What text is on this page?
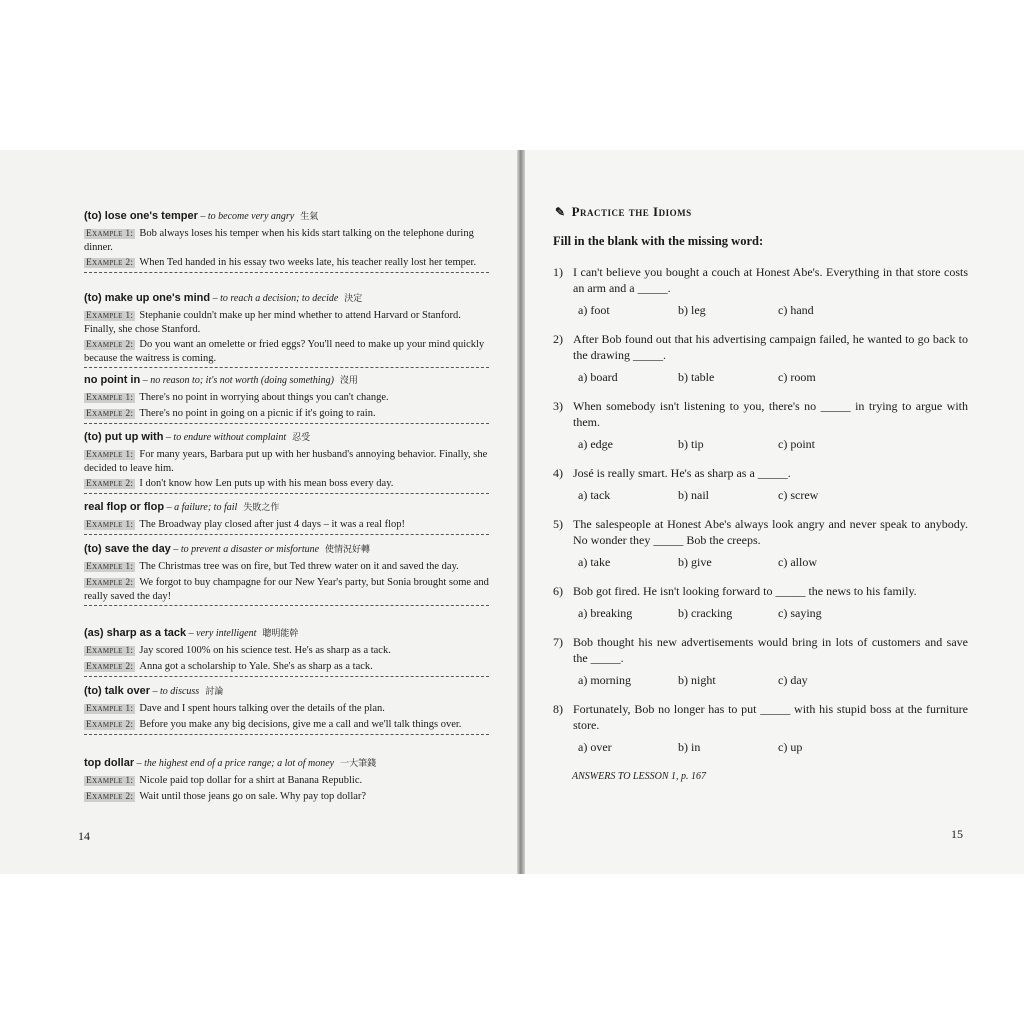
(to) lose one's temper – to become very angry 生氣
Example 1: Bob always loses his temper when his kids start talking on the telephone during dinner.
Example 2: When Ted handed in his essay two weeks late, his teacher really lost her temper.
(to) make up one's mind – to reach a decision; to decide 決定
Example 1: Stephanie couldn't make up her mind whether to attend Harvard or Stanford. Finally, she chose Stanford.
Example 2: Do you want an omelette or fried eggs? You'll need to make up your mind quickly because the waitress is coming.
no point in – no reason to; it's not worth (doing something) 沒用
Example 1: There's no point in worrying about things you can't change.
Example 2: There's no point in going on a picnic if it's going to rain.
(to) put up with – to endure without complaint 忍受
Example 1: For many years, Barbara put up with her husband's annoying behavior. Finally, she decided to leave him.
Example 2: I don't know how Len puts up with his mean boss every day.
real flop or flop – a failure; to fail 失敗之作
Example 1: The Broadway play closed after just 4 days – it was a real flop!
(to) save the day – to prevent a disaster or misfortune 使情況好轉
Example 1: The Christmas tree was on fire, but Ted threw water on it and saved the day.
Example 2: We forgot to buy champagne for our New Year's party, but Sonia brought some and really saved the day!
(as) sharp as a tack – very intelligent 聰明能幹
Example 1: Jay scored 100% on his science test. He's as sharp as a tack.
Example 2: Anna got a scholarship to Yale. She's as sharp as a tack.
(to) talk over – to discuss 討論
Example 1: Dave and I spent hours talking over the details of the plan.
Example 2: Before you make any big decisions, give me a call and we'll talk things over.
top dollar – the highest end of a price range; a lot of money 一大筆錢
Example 1: Nicole paid top dollar for a shirt at Banana Republic.
Example 2: Wait until those jeans go on sale. Why pay top dollar?
14
✎ Practice the Idioms
Fill in the blank with the missing word:
1) I can't believe you bought a couch at Honest Abe's. Everything in that store costs an arm and a _____.
a) foot	b) leg	c) hand
2) After Bob found out that his advertising campaign failed, he wanted to go back to the drawing _____.
a) board	b) table	c) room
3) When somebody isn't listening to you, there's no _____ in trying to argue with them.
a) edge	b) tip	c) point
4) José is really smart. He's as sharp as a _____.
a) tack	b) nail	c) screw
5) The salespeople at Honest Abe's always look angry and never speak to anybody. No wonder they _____ Bob the creeps.
a) take	b) give	c) allow
6) Bob got fired. He isn't looking forward to _____ the news to his family.
a) breaking	b) cracking	c) saying
7) Bob thought his new advertisements would bring in lots of customers and save the _____.
a) morning	b) night	c) day
8) Fortunately, Bob no longer has to put _____ with his stupid boss at the furniture store.
a) over	b) in	c) up
ANSWERS TO LESSON 1, p. 167
15
